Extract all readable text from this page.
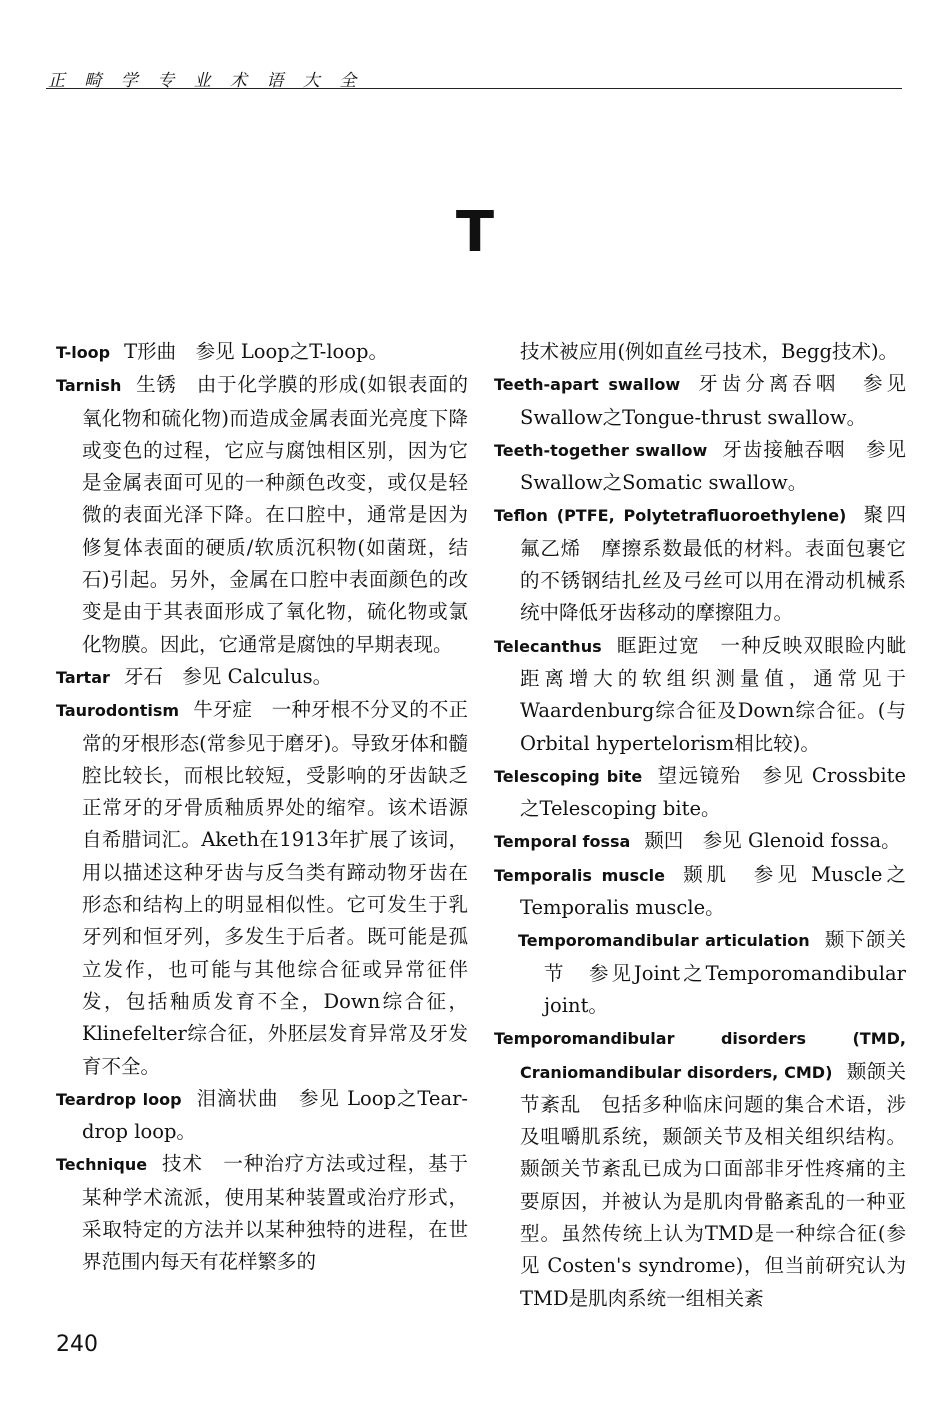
正 畸 学 专 业 术 语 大 全
T

T-loop T形曲　参见 Loop之T-loop。

Tarnish 生锈　由于化学膜的形成(如银表面的氧化物和硫化物)而造成金属表面光亮度下降或变色的过程，它应与腐蚀相区别，因为它是金属表面可见的一种颜色改变，或仅是轻微的表面光泽下降。在口腔中，通常是因为修复体表面的硬质/软质沉积物(如菌斑，结石)引起。另外，金属在口腔中表面颜色的改变是由于其表面形成了氧化物，硫化物或氯化物膜。因此，它通常是腐蚀的早期表现。

Tartar 牙石　参见 Calculus。

Taurodontism 牛牙症　一种牙根不分叉的不正常的牙根形态(常参见于磨牙)。导致牙体和髓腔比较长，而根比较短，受影响的牙齿缺乏正常牙的牙骨质釉质界处的缩窄。该术语源自希腊词汇。Aketh在1913年扩展了该词，用以描述这种牙齿与反刍类有蹄动物牙齿在形态和结构上的明显相似性。它可发生于乳牙列和恒牙列，多发生于后者。既可能是孤立发作，也可能与其他综合征或异常征伴发，包括釉质发育不全，Down综合征，Klinefelter综合征，外胚层发育异常及牙发育不全。

Teardrop loop 泪滴状曲　参见 Loop之Tear-drop loop。

Technique 技术　一种治疗方法或过程，基于某种学术流派，使用某种装置或治疗形式，采取特定的方法并以某种独特的进程，在世界范围内每天有花样繁多的

技术被应用(例如直丝弓技术，Begg技术)。

Teeth-apart swallow 牙齿分离吞咽　参见 Swallow之Tongue-thrust swallow。

Teeth-together swallow 牙齿接触吞咽　参见 Swallow之Somatic swallow。

Teflon (PTFE, Polytetrafluoroethylene) 聚四氟乙烯　摩擦系数最低的材料。表面包裹它的不锈钢结扎丝及弓丝可以用在滑动机械系统中降低牙齿移动的摩擦阻力。

Telecanthus 眶距过宽　一种反映双眼睑内眦距离增大的软组织测量值，通常见于Waardenburg综合征及Down综合征。(与Orbital hypertelorism相比较)。

Telescoping bite 望远镜殆　参见 Crossbite之Telescoping bite。

Temporal fossa 颞凹　参见 Glenoid fossa。

Temporalis muscle 颞肌　参见 Muscle之Temporalis muscle。

Temporomandibular articulation 颞下颌关节　参见Joint之Temporomandibular joint。

Temporomandibular disorders (TMD, Craniomandibular disorders, CMD) 颞颌关节紊乱　包括多种临床问题的集合术语，涉及咀嚼肌系统，颞颌关节及相关组织结构。颞颌关节紊乱已成为口面部非牙性疼痛的主要原因，并被认为是肌肉骨骼紊乱的一种亚型。虽然传统上认为TMD是一种综合征(参见 Costen's syndrome)，但当前研究认为TMD是肌肉系统一组相关紊

240
